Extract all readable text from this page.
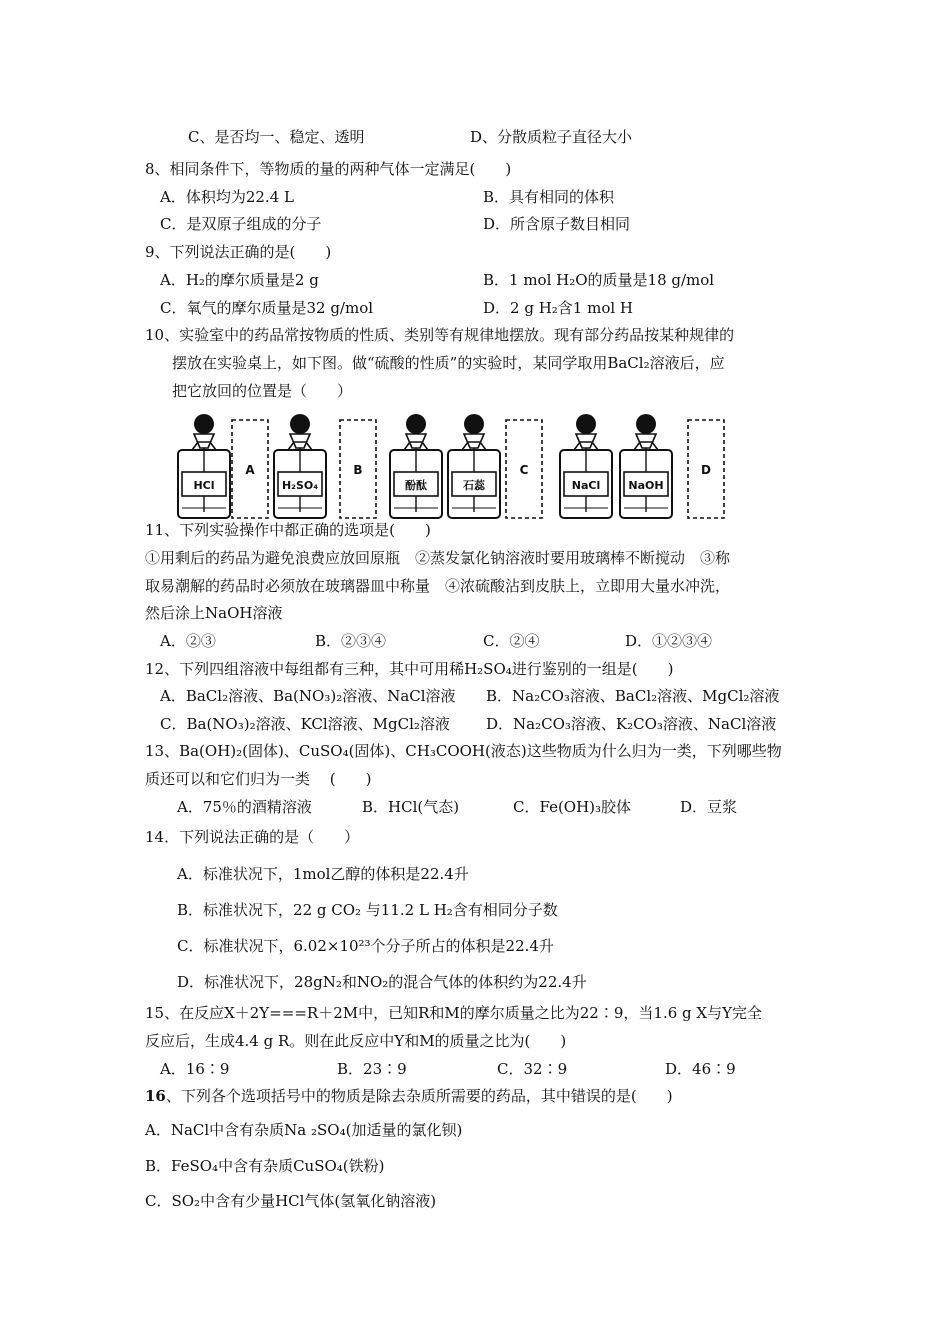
C、是否均一、稳定、透明	D、分散质粒子直径大小
8、相同条件下，等物质的量的两种气体一定满足(　　)
A．体积均为22.4 L	B．具有相同的体积
C．是双原子组成的分子	D．所含原子数目相同
9、下列说法正确的是(　　)
A．H₂的摩尔质量是2 g	B．1 mol H₂O的质量是18 g/mol
C．氧气的摩尔质量是32 g/mol	D．2 g H₂含1 mol H
10、实验室中的药品常按物质的性质、类别等有规律地摆放。现有部分药品按某种规律的
摆放在实验桌上，如下图。做“硫酸的性质”的实验时，某同学取用BaCl₂溶液后，应
把它放回的位置是（　　）
HCl	H₂SO₄	酚酞	石蕊	NaCl	NaOH
A	B	C	D
11、下列实验操作中都正确的选项是(　　)
①用剩后的药品为避免浪费应放回原瓶　②蒸发氯化钠溶液时要用玻璃棒不断搅动　③称
取易潮解的药品时必须放在玻璃器皿中称量　④浓硫酸沾到皮肤上，立即用大量水冲洗，
然后涂上NaOH溶液
A．②③	B．②③④	C．②④	D．①②③④
12、下列四组溶液中每组都有三种，其中可用稀H₂SO₄进行鉴别的一组是(　　)
A．BaCl₂溶液、Ba(NO₃)₂溶液、NaCl溶液 B．Na₂CO₃溶液、BaCl₂溶液、MgCl₂溶液
C．Ba(NO₃)₂溶液、KCl溶液、MgCl₂溶液 D．Na₂CO₃溶液、K₂CO₃溶液、NaCl溶液
13、Ba(OH)₂(固体)、CuSO₄(固体)、CH₃COOH(液态)这些物质为什么归为一类，下列哪些物
质还可以和它们归为一类　 (　　)
A．75％的酒精溶液	B．HCl(气态)	C．Fe(OH)₃胶体	D．豆浆
14．下列说法正确的是（　　）
A．标准状况下，1mol乙醇的体积是22.4升
B．标准状况下，22 g CO₂ 与11.2 L H₂含有相同分子数
C．标准状况下，6.02×10²³个分子所占的体积是22.4升
D．标准状况下，28gN₂和NO₂的混合气体的体积约为22.4升
15、在反应X＋2Y===R＋2M中，已知R和M的摩尔质量之比为22∶9，当1.6 g X与Y完全
反应后，生成4.4 g R。则在此反应中Y和M的质量之比为(　　)
A．16∶9	B．23∶9	C．32∶9	D．46∶9
16、下列各个选项括号中的物质是除去杂质所需要的药品，其中错误的是(　　)
A．NaCl中含有杂质Na ₂SO₄(加适量的氯化钡)
B．FeSO₄中含有杂质CuSO₄(铁粉)
C．SO₂中含有少量HCl气体(氢氧化钠溶液)
